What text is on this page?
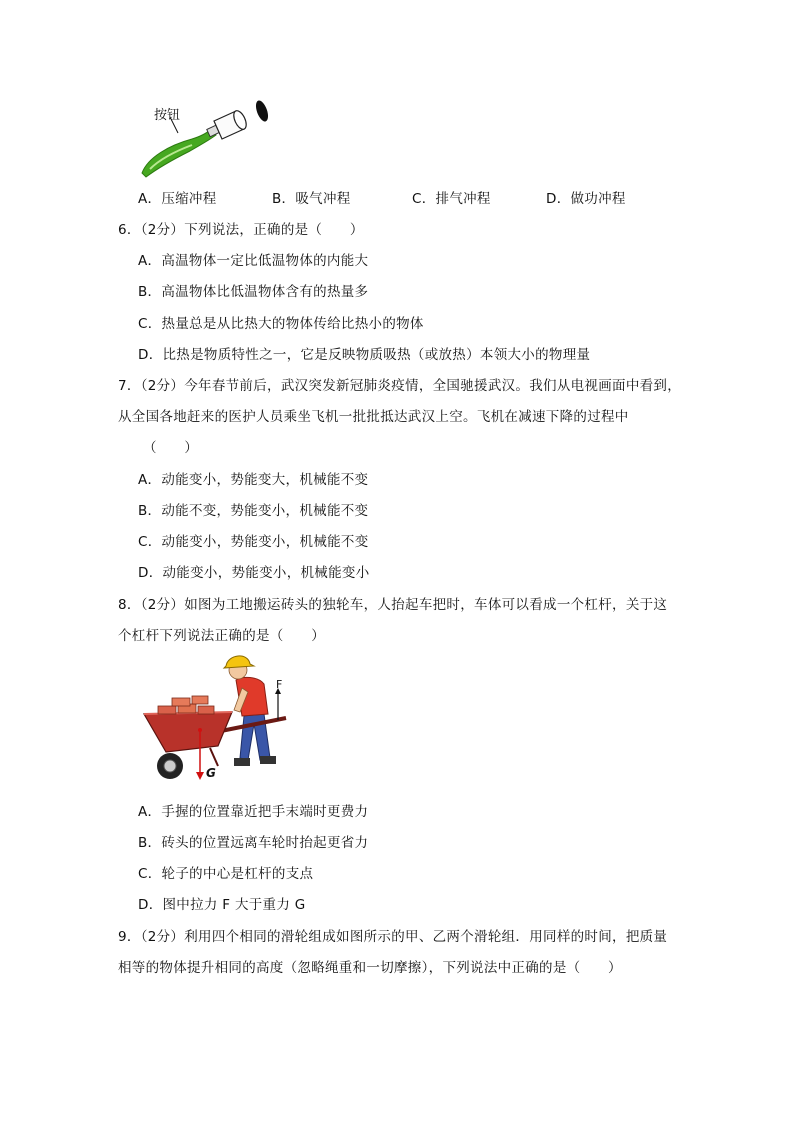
按钮
A．压缩冲程	B．吸气冲程	C．排气冲程	D．做功冲程
6．（2分）下列说法，正确的是（　　）
A．高温物体一定比低温物体的内能大
B．高温物体比低温物体含有的热量多
C．热量总是从比热大的物体传给比热小的物体
D．比热是物质特性之一，它是反映物质吸热（或放热）本领大小的物理量
7．（2分）今年春节前后，武汉突发新冠肺炎疫情，全国驰援武汉。我们从电视画面中看到，
从全国各地赶来的医护人员乘坐飞机一批批抵达武汉上空。飞机在减速下降的过程中
（　　）
A．动能变小，势能变大，机械能不变
B．动能不变，势能变小，机械能不变
C．动能变小，势能变小，机械能不变
D．动能变小，势能变小，机械能变小
8．（2分）如图为工地搬运砖头的独轮车，人抬起车把时，车体可以看成一个杠杆，关于这
个杠杆下列说法正确的是（　　）
F
G
A．手握的位置靠近把手末端时更费力
B．砖头的位置远离车轮时抬起更省力
C．轮子的中心是杠杆的支点
D．图中拉力 F 大于重力 G
9．（2分）利用四个相同的滑轮组成如图所示的甲、乙两个滑轮组．用同样的时间，把质量
相等的物体提升相同的高度（忽略绳重和一切摩擦），下列说法中正确的是（　　）
